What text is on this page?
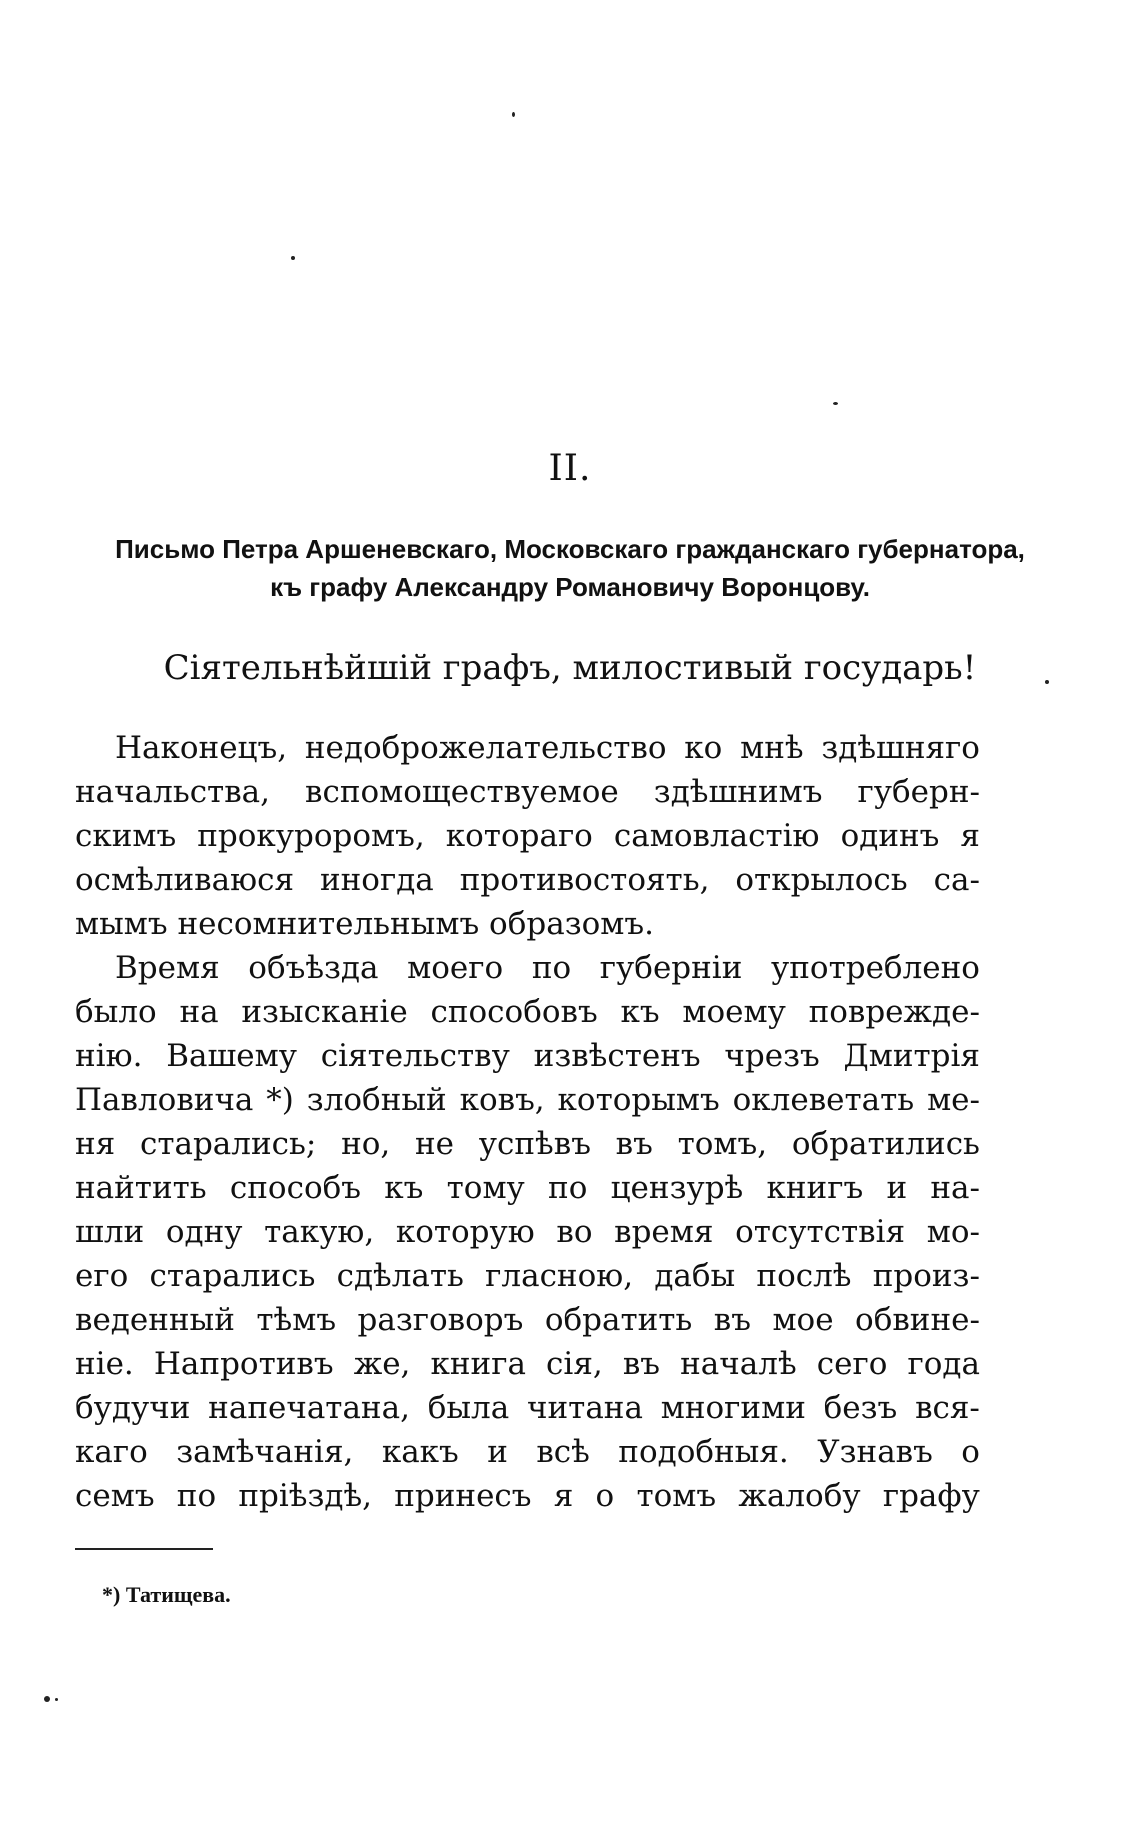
II.
Письмо Петра Аршеневскаго, Московскаго гражданскаго губернатора,
къ графу Александру Романовичу Воронцову.
Сіятельнѣйшій графъ, милостивый государь!
Наконецъ, недоброжелательство ко мнѣ здѣшняго
начальства, вспомоществуемое здѣшнимъ губерн-
скимъ прокуроромъ, котораго самовластію одинъ я
осмѣливаюся иногда противостоять, открылось са-
мымъ несомнительнымъ образомъ.
Время объѣзда моего по губерніи употреблено
было на изысканіе способовъ къ моему поврежде-
нію. Вашему сіятельству извѣстенъ чрезъ Дмитрія
Павловича *) злобный ковъ, которымъ оклеветать ме-
ня старались; но, не успѣвъ въ томъ, обратились
найтить способъ къ тому по цензурѣ книгъ и на-
шли одну такую, которую во время отсутствія мо-
его старались сдѣлать гласною, дабы послѣ произ-
веденный тѣмъ разговоръ обратить въ мое обвине-
ніе. Напротивъ же, книга сія, въ началѣ сего года
будучи напечатана, была читана многими безъ вся-
каго замѣчанія, какъ и всѣ подобныя. Узнавъ о
семъ по пріѣздѣ, принесъ я о томъ жалобу графу
*) Татищева.
